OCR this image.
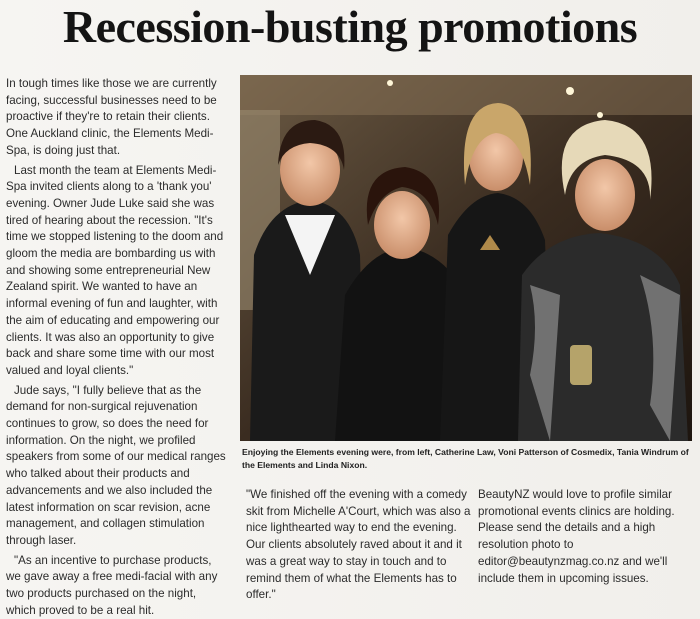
Recession-busting promotions

In tough times like those we are currently facing, successful businesses need to be proactive if they're to retain their clients. One Auckland clinic, the Elements Medi-Spa, is doing just that.

Last month the team at Elements Medi-Spa invited clients along to a 'thank you' evening. Owner Jude Luke said she was tired of hearing about the recession. "It's time we stopped listening to the doom and gloom the media are bombarding us with and showing some entrepreneurial New Zealand spirit. We wanted to have an informal evening of fun and laughter, with the aim of educating and empowering our clients. It was also an opportunity to give back and share some time with our most valued and loyal clients."

Jude says, "I fully believe that as the demand for non-surgical rejuvenation continues to grow, so does the need for information. On the night, we profiled speakers from some of our medical ranges who talked about their products and advancements and we also included the latest information on scar revision, acne management, and collagen stimulation through laser.

"As an incentive to purchase products, we gave away a free medi-facial with any two products purchased on the night, which proved to be a real hit.

Enjoying the Elements evening were, from left, Catherine Law, Voni Patterson of Cosmedix, Tania Windrum of the Elements and Linda Nixon.

"We finished off the evening with a comedy skit from Michelle A'Court, which was also a nice lighthearted way to end the evening. Our clients absolutely raved about it and it was a great way to stay in touch and to remind them of what the Elements has to offer."

BeautyNZ would love to profile similar promotional events clinics are holding. Please send the details and a high resolution photo to editor@beautynzmag.co.nz and we'll include them in upcoming issues.
